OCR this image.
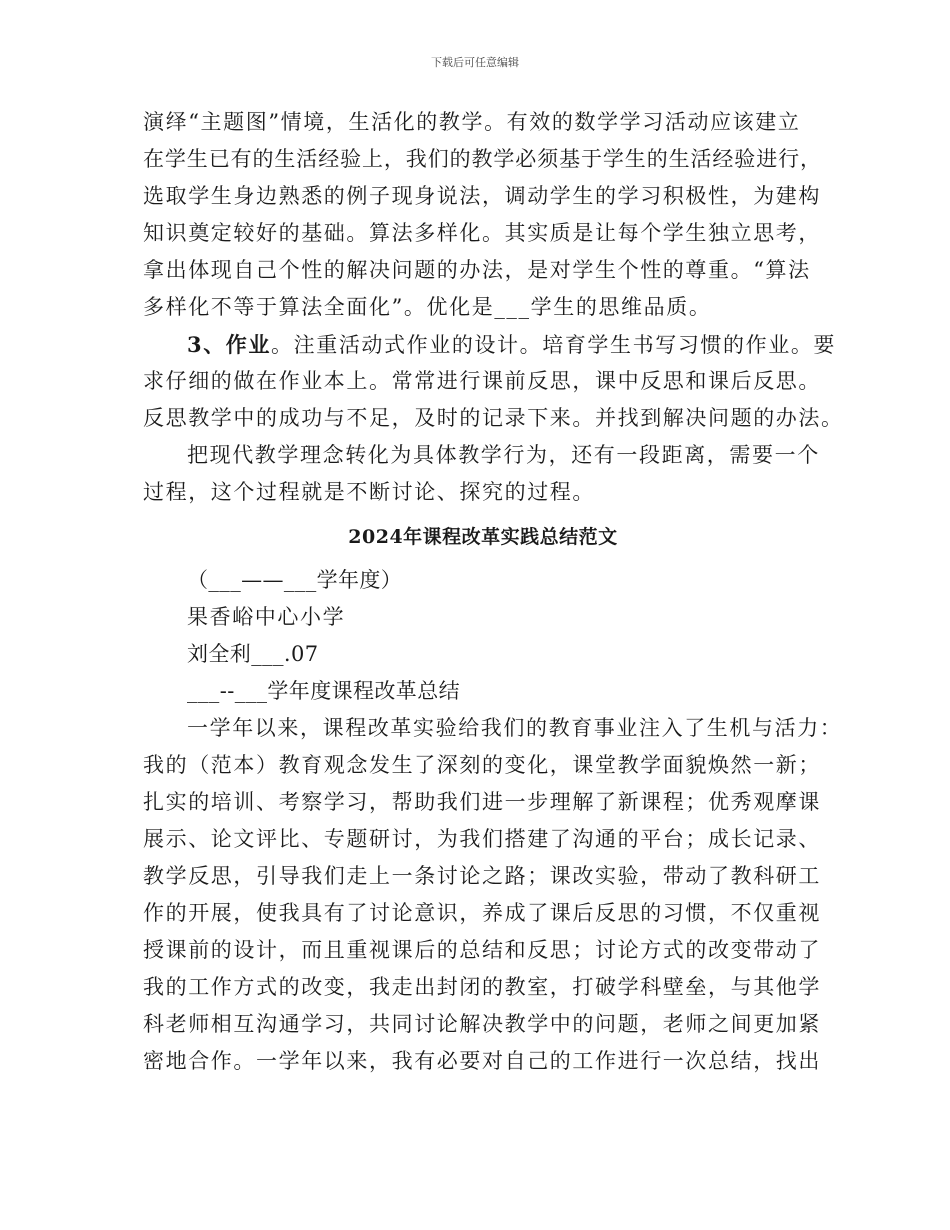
下载后可任意编辑
演绎“主题图”情境，生活化的教学。有效的数学学习活动应该建立
在学生已有的生活经验上，我们的教学必须基于学生的生活经验进行，
选取学生身边熟悉的例子现身说法，调动学生的学习积极性，为建构
知识奠定较好的基础。算法多样化。其实质是让每个学生独立思考，
拿出体现自己个性的解决问题的办法，是对学生个性的尊重。“算法
多样化不等于算法全面化”。优化是___学生的思维品质。
3、作业。注重活动式作业的设计。培育学生书写习惯的作业。要
求仔细的做在作业本上。常常进行课前反思，课中反思和课后反思。
反思教学中的成功与不足，及时的记录下来。并找到解决问题的办法。
把现代教学理念转化为具体教学行为，还有一段距离，需要一个
过程，这个过程就是不断讨论、探究的过程。
2024年课程改革实践总结范文
（___——___学年度）
果香峪中心小学
刘全利___.07
___--___学年度课程改革总结
一学年以来，课程改革实验给我们的教育事业注入了生机与活力：
我的（范本）教育观念发生了深刻的变化，课堂教学面貌焕然一新；
扎实的培训、考察学习，帮助我们进一步理解了新课程；优秀观摩课
展示、论文评比、专题研讨，为我们搭建了沟通的平台；成长记录、
教学反思，引导我们走上一条讨论之路；课改实验，带动了教科研工
作的开展，使我具有了讨论意识，养成了课后反思的习惯，不仅重视
授课前的设计，而且重视课后的总结和反思；讨论方式的改变带动了
我的工作方式的改变，我走出封闭的教室，打破学科壁垒，与其他学
科老师相互沟通学习，共同讨论解决教学中的问题，老师之间更加紧
密地合作。一学年以来，我有必要对自己的工作进行一次总结，找出
